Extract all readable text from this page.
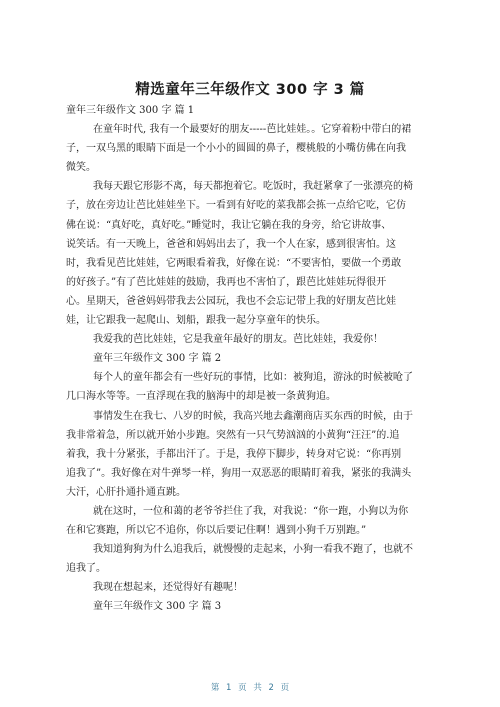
精选童年三年级作文 300 字 3 篇
童年三年级作文 300 字 篇 1
在童年时代, 我有一个最要好的朋友-----芭比娃娃。。它穿着粉中带白的裙
子，一双乌黑的眼睛下面是一个小小的圆圆的鼻子，樱桃般的小嘴仿佛在向我
微笑。
我每天跟它形影不离，每天都抱着它。吃饭时，我赶紧拿了一张漂亮的椅
子，放在旁边让芭比娃娃坐下。一看到有好吃的菜我都会拣一点给它吃，它仿
佛在说：“真好吃，真好吃。”睡觉时，我让它躺在我的身旁，给它讲故事、
说笑话。有一天晚上，爸爸和妈妈出去了，我一个人在家，感到很害怕。这
时，我看见芭比娃娃，它两眼看着我，好像在说：“不要害怕，要做一个勇敢
的好孩子。”有了芭比娃娃的鼓励，我再也不害怕了，跟芭比娃娃玩得很开
心。星期天，爸爸妈妈带我去公园玩，我也不会忘记带上我的好朋友芭比娃
娃，让它跟我一起爬山、划船，跟我一起分享童年的快乐。
我爱我的芭比娃娃，它是我童年最好的朋友。芭比娃娃，我爱你！
童年三年级作文 300 字 篇 2
每个人的童年都会有一些好玩的事情，比如：被狗追，游泳的时候被呛了
几口海水等等。一直浮现在我的脑海中的却是被一条黄狗追。
事情发生在我七、八岁的时候，我高兴地去鑫潮商店买东西的时候，由于
我非常着急，所以就开始小步跑。突然有一只气势汹汹的小黄狗“汪汪”的.追
着我，我十分紧张，手都出汗了。于是，我停下脚步，转身对它说：“你再别
追我了”。我好像在对牛弹琴一样，狗用一双恶恶的眼睛盯着我，紧张的我满头
大汗，心肝扑通扑通直跳。
就在这时，一位和蔼的老爷爷拦住了我，对我说：“你一跑，小狗以为你
在和它赛跑，所以它不追你，你以后要记住啊！遇到小狗千万别跑。”
我知道狗狗为什么追我后，就慢慢的走起来，小狗一看我不跑了，也就不
追我了。
我现在想起来，还觉得好有趣呢！
童年三年级作文 300 字 篇 3
第 1 页 共 2 页
